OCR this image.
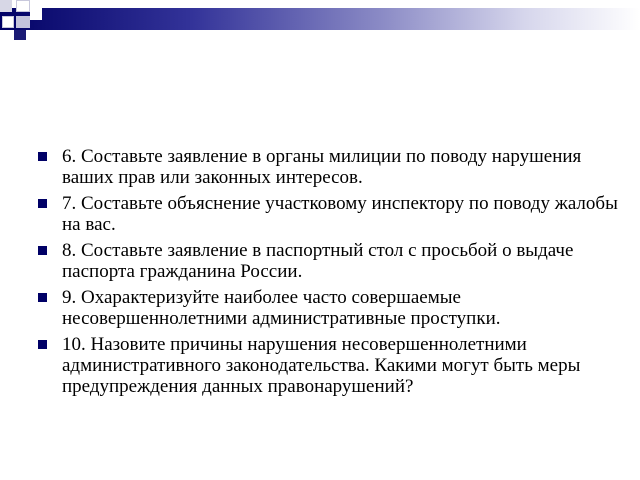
6. Составьте заявление в органы милиции по поводу нарушения ваших прав или законных интересов.
7. Составьте объяснение участковому инспектору по поводу жалобы на вас.
8. Составьте заявление в паспортный стол с просьбой о выдаче паспорта гражданина России.
9. Охарактеризуйте наиболее часто совершаемые несовершеннолетними административные проступки.
10. Назовите причины нарушения несовершеннолетними административного законодательства. Какими могут быть меры предупреждения данных правонарушений?
